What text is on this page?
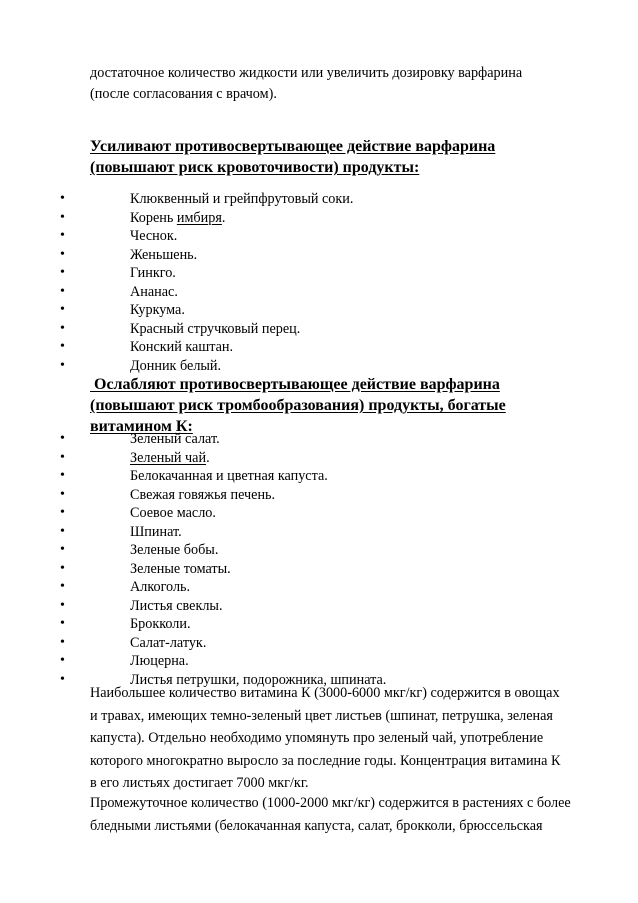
достаточное количество жидкости или увеличить дозировку варфарина

(после согласования с врачом).

Усиливают противосвертывающее действие варфарина
(повышают риск кровоточивости) продукты:
•	Клюквенный и грейпфрутовый соки.
•	Корень имбиря.
•	Чеснок.
•	Женьшень.
•	Гинкго.
•	Ананас.
•	Куркума.
•	Красный стручковый перец.
•	Конский каштан.
•	Донник белый.
Ослабляют противосвертывающее действие варфарина
(повышают риск тромбообразования) продукты, богатые
витамином К:
•	Зеленый салат.
•	Зеленый чай.
•	Белокачанная и цветная капуста.
•	Свежая говяжья печень.
•	Соевое масло.
•	Шпинат.
•	Зеленые бобы.
•	Зеленые томаты.
•	Алкоголь.
•	Листья свеклы.
•	Брокколи.
•	Салат-латук.
•	Люцерна.
•	Листья петрушки, подорожника, шпината.

Наибольшее количество витамина К (3000-6000 мкг/кг) содержится в овощах

и травах, имеющих темно-зеленый цвет листьев (шпинат, петрушка, зеленая

капуста). Отдельно необходимо упомянуть про зеленый чай, употребление

которого многократно выросло за последние годы. Концентрация витамина К

в его листьях достигает 7000 мкг/кг.

Промежуточное количество (1000-2000 мкг/кг) содержится в растениях с более

бледными листьями (белокачанная капуста, салат, брокколи, брюссельская
